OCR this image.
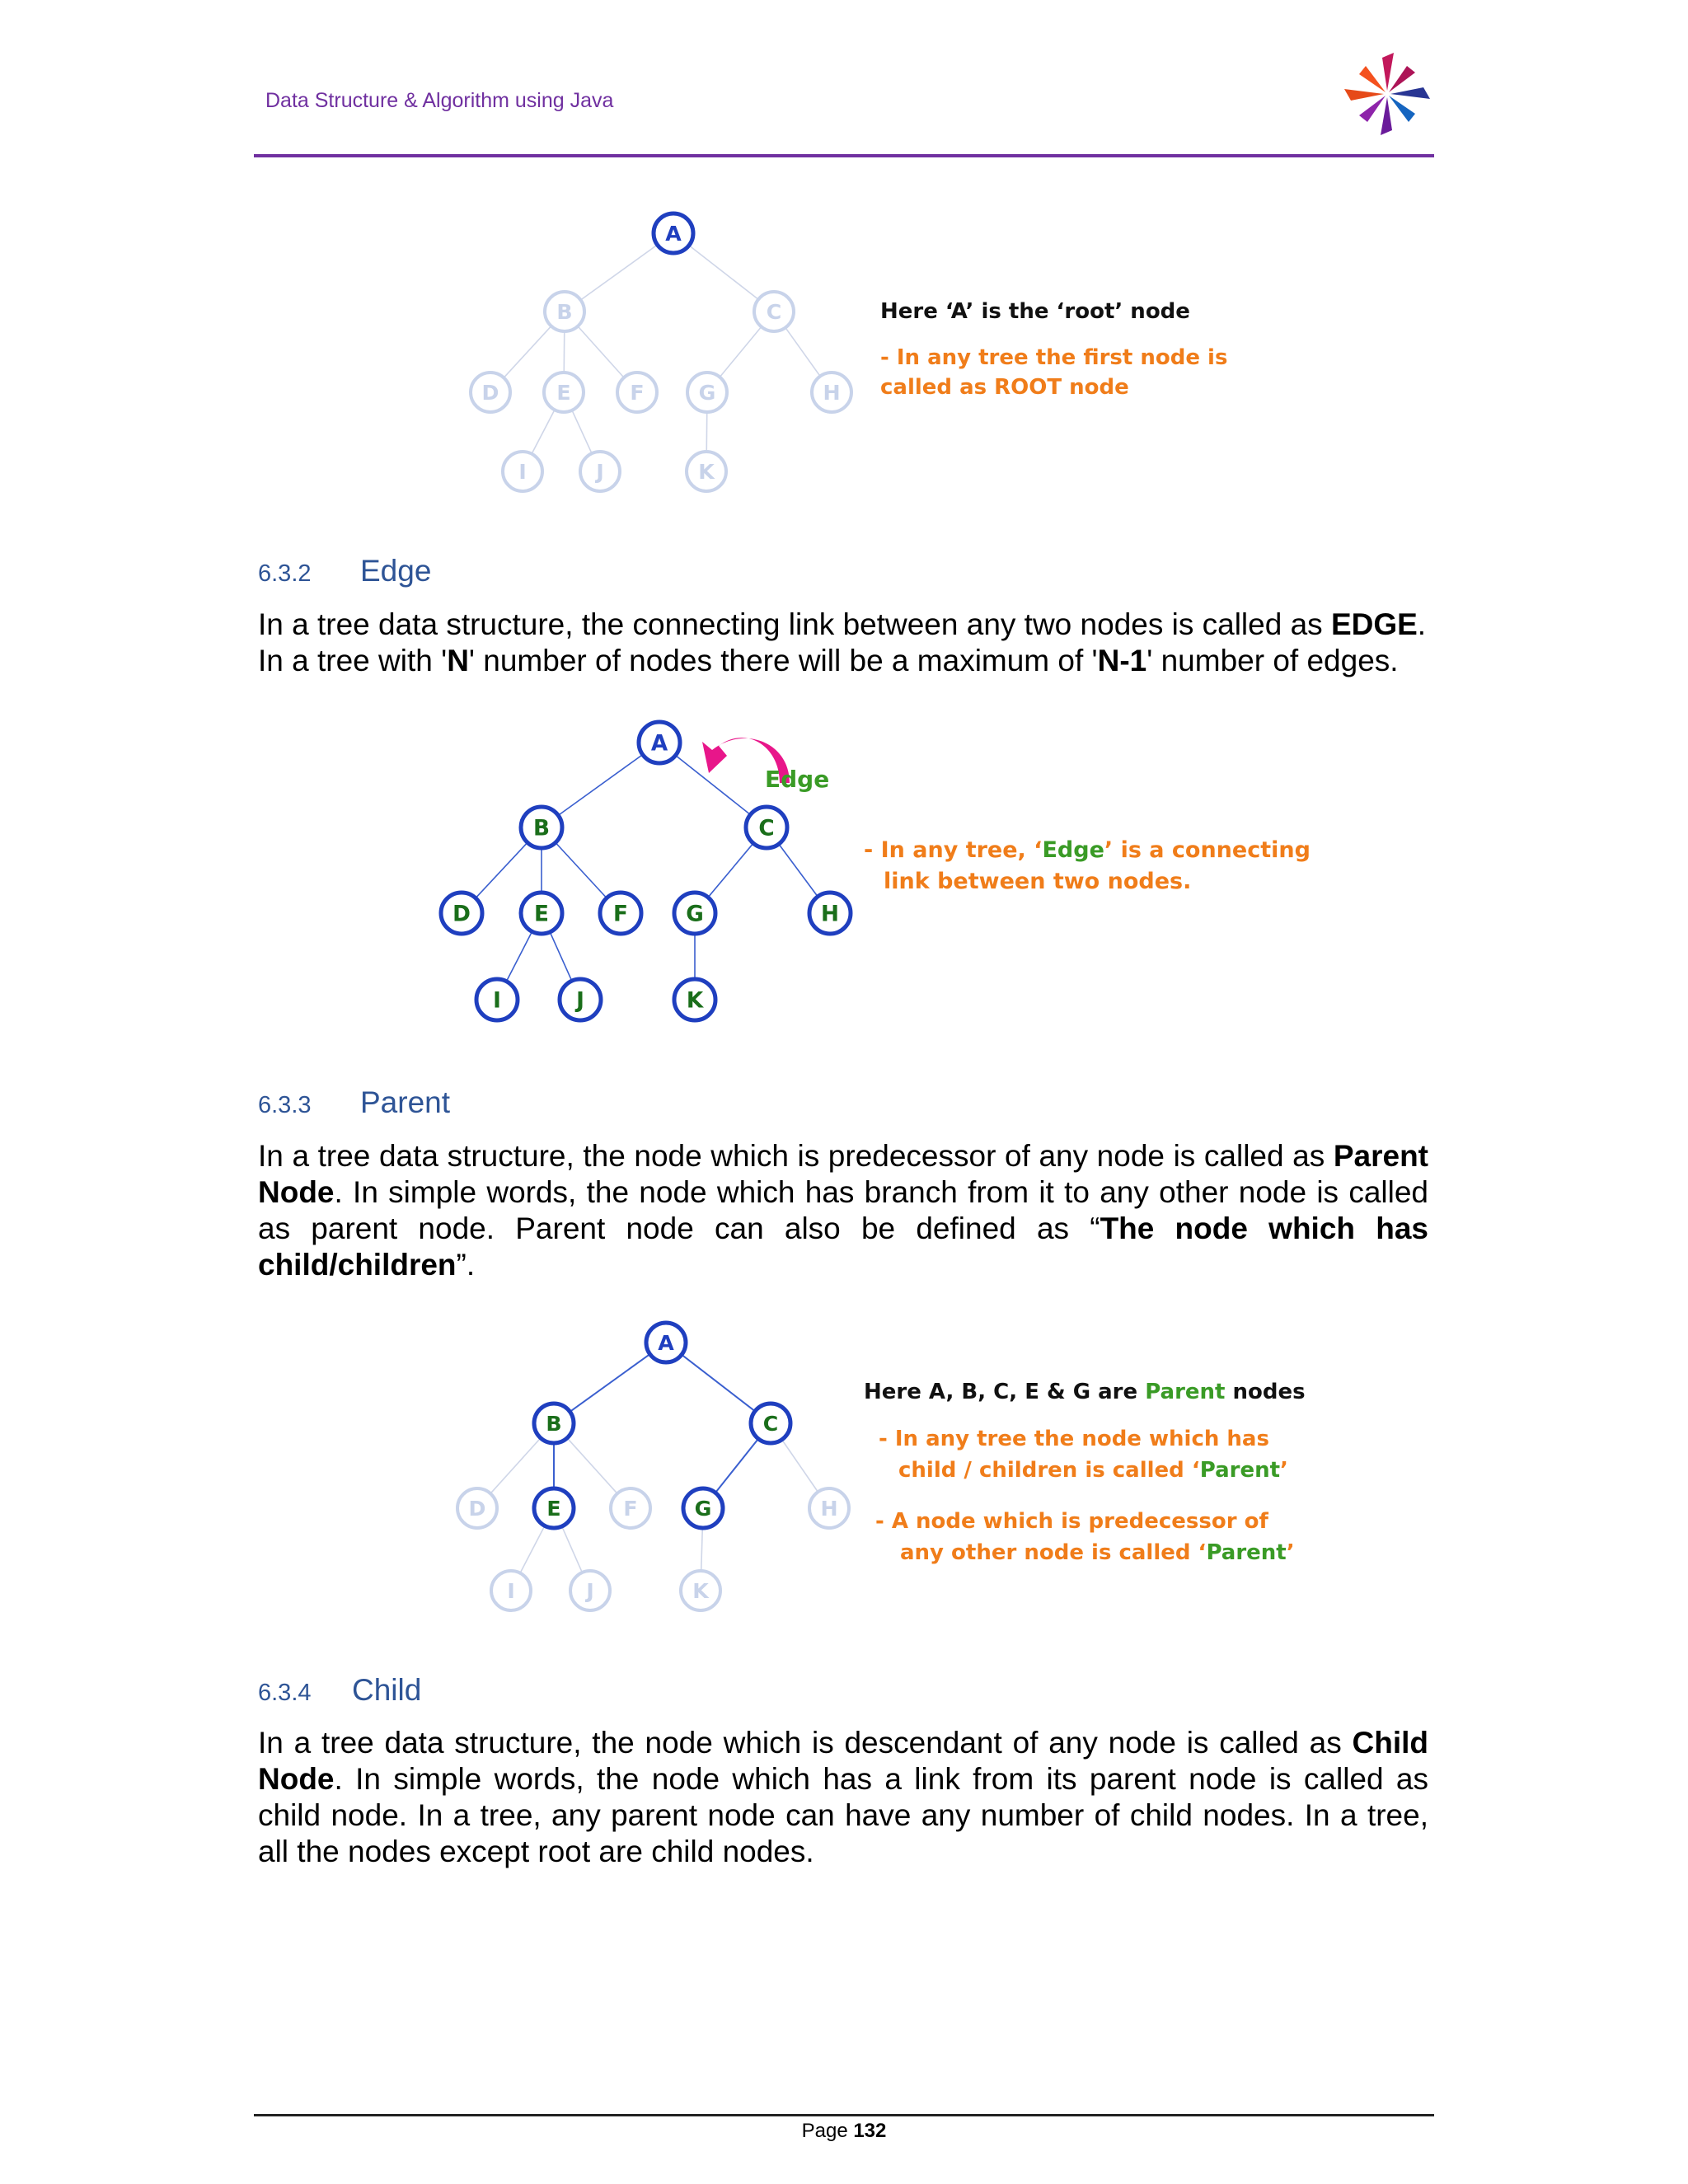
Data Structure & Algorithm using Java
A
B	C
D	E	F	G	H
I	J	K
Here ‘A’ is the ‘root’ node
- In any tree the first node is
called as ROOT node
6.3.2 Edge
In a tree data structure, the connecting link between any two nodes is called as EDGE.
In a tree with 'N' number of nodes there will be a maximum of 'N-1' number of edges.
A
B	C
D	E	F	G	H
I	J	K
Edge
- In any tree, ‘Edge’ is a connecting
link between two nodes.
6.3.3 Parent
In a tree data structure, the node which is predecessor of any node is called as Parent Node. In simple words, the node which has branch from it to any other node is called as parent node. Parent node can also be defined as “The node which has child/children”.
A
B	C
D	E	F	G	H
I	J	K
Here A, B, C, E & G are Parent nodes
- In any tree the node which has
child / children is called ‘Parent’
- A node which is predecessor of
any other node is called ‘Parent’
6.3.4 Child
In a tree data structure, the node which is descendant of any node is called as Child Node. In simple words, the node which has a link from its parent node is called as child node. In a tree, any parent node can have any number of child nodes. In a tree, all the nodes except root are child nodes.
Page 132
